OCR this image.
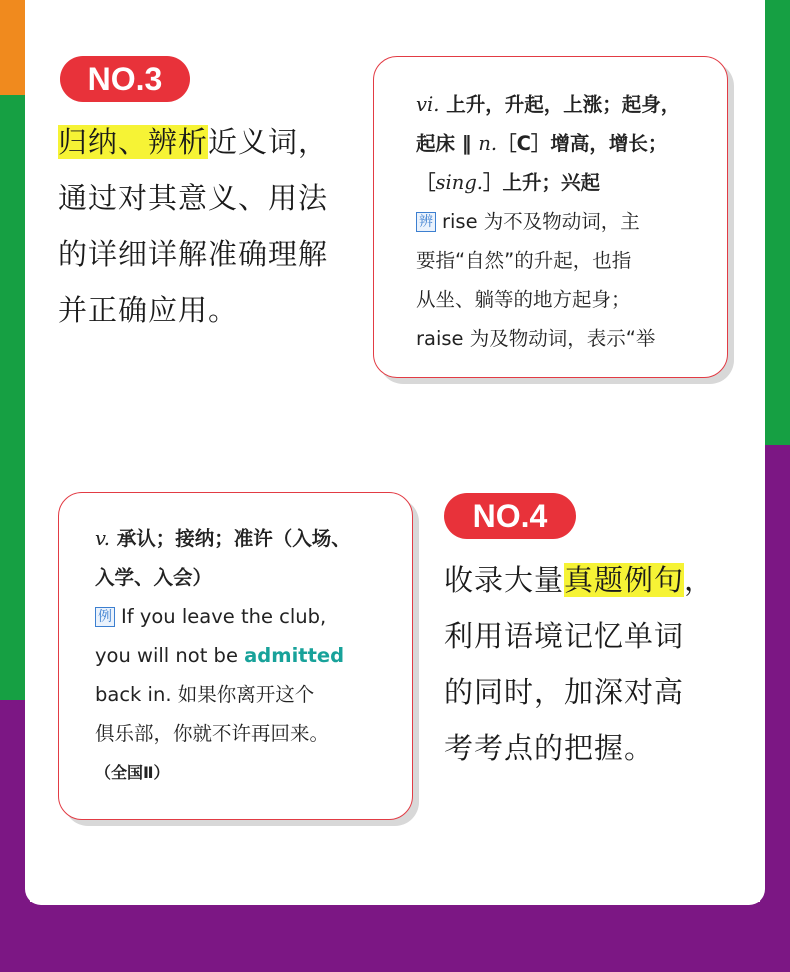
NO.3
归纳、辨析近义词，
通过对其意义、用法
的详细详解准确理解
并正确应用。
vi. 上升，升起，上涨；起身，
起床 ‖ n.［C］增高，增长；
［sing.］上升；兴起
辨 rise 为不及物动词，主
要指“自然”的升起，也指
从坐、躺等的地方起身；
raise 为及物动词，表示“举
v. 承认；接纳；准许（入场、
入学、入会）
例 If you leave the club,
you will not be admitted
back in. 如果你离开这个
俱乐部，你就不许再回来。
（全国Ⅱ）
NO.4
收录大量真题例句，
利用语境记忆单词
的同时，加深对高
考考点的把握。
